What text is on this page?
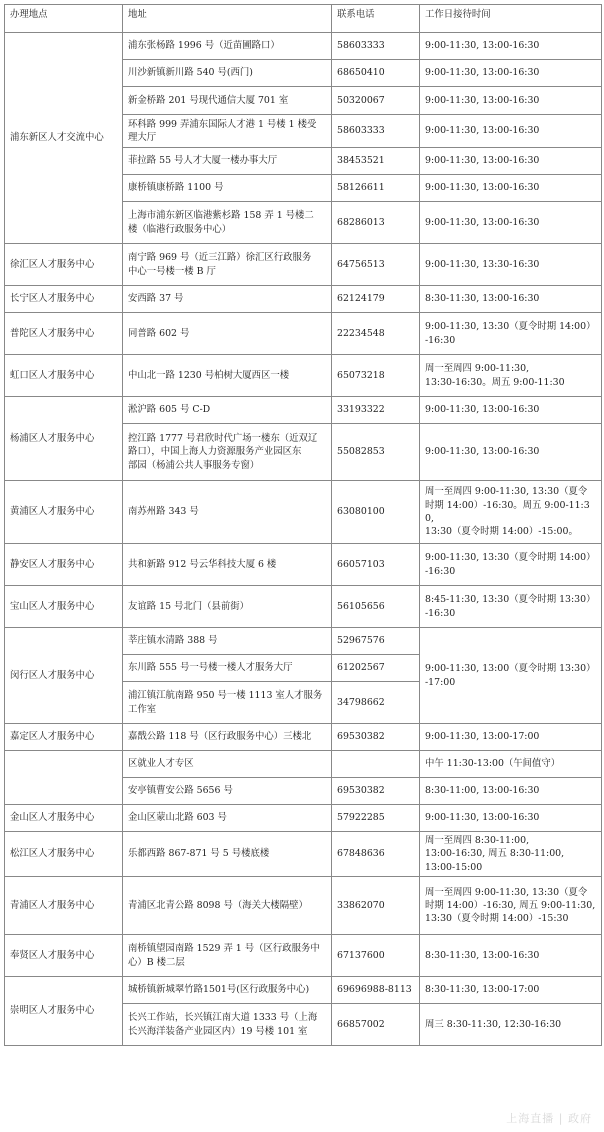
办理地点	地址	联系电话	工作日接待时间
浦东新区人才交流中心	浦东张杨路 1996 号（近苗圃路口）	58603333	9:00-11:30, 13:00-16:30
	川沙新镇新川路 540 号(西门)	68650410	9:00-11:30, 13:00-16:30
	新金桥路 201 号现代通信大厦 701 室	50320067	9:00-11:30, 13:00-16:30
	环科路 999 弄浦东国际人才港 1 号楼 1 楼受
理大厅	58603333	9:00-11:30, 13:00-16:30
	菲拉路 55 号人才大厦一楼办事大厅	38453521	9:00-11:30, 13:00-16:30
	康桥镇康桥路 1100 号	58126611	9:00-11:30, 13:00-16:30
	上海市浦东新区临港紫杉路 158 弄 1 号楼二
楼（临港行政服务中心）	68286013	9:00-11:30, 13:00-16:30
徐汇区人才服务中心	南宁路 969 号（近三江路）徐汇区行政服务
中心一号楼一楼 B 厅	64756513	9:00-11:30, 13:30-16:30
长宁区人才服务中心	安西路 37 号	62124179	8:30-11:30, 13:00-16:30
普陀区人才服务中心	同普路 602 号	22234548	9:00-11:30, 13:30（夏令时期 14:00）
-16:30
虹口区人才服务中心	中山北一路 1230 号柏树大厦西区一楼	65073218	周一至周四 9:00-11:30,
13:30-16:30。周五 9:00-11:30
杨浦区人才服务中心	淞沪路 605 号 C-D	33193322	9:00-11:30, 13:00-16:30
	控江路 1777 号君欣时代广场一楼东（近双辽
路口），中国上海人力资源服务产业园区东
部园（杨浦公共人事服务专窗）	55082853	9:00-11:30, 13:00-16:30
黄浦区人才服务中心	南苏州路 343 号	63080100	周一至周四 9:00-11:30, 13:30（夏令
时期 14:00）-16:30。周五 9:00-11:30,
13:30（夏令时期 14:00）-15:00。
静安区人才服务中心	共和新路 912 号云华科技大厦 6 楼	66057103	9:00-11:30, 13:30（夏令时期 14:00）
-16:30
宝山区人才服务中心	友谊路 15 号北门（县前街）	56105656	8:45-11:30, 13:30（夏令时期 13:30）
-16:30
闵行区人才服务中心	莘庄镇水清路 388 号	52967576	9:00-11:30, 13:00（夏令时期 13:30）
-17:00
	东川路 555 号一号楼一楼人才服务大厅	61202567	
	浦江镇江航南路 950 号一楼 1113 室人才服务
工作室	34798662	
嘉定区人才服务中心	嘉戬公路 118 号（区行政服务中心）三楼北	69530382	9:00-11:30, 13:00-17:00
	区就业人才专区		中午 11:30-13:00（午间值守）
	安亭镇曹安公路 5656 号	69530382	8:30-11:00, 13:00-16:30
金山区人才服务中心	金山区蒙山北路 603 号	57922285	9:00-11:30, 13:00-16:30
松江区人才服务中心	乐都西路 867-871 号 5 号楼底楼	67848636	周一至周四 8:30-11:00,
13:00-16:30, 周五 8:30-11:00,
13:00-15:00
青浦区人才服务中心	青浦区北青公路 8098 号（海关大楼隔壁）	33862070	周一至周四 9:00-11:30, 13:30（夏令
时期 14:00）-16:30, 周五 9:00-11:30,
13:30（夏令时期 14:00）-15:30
奉贤区人才服务中心	南桥镇望园南路 1529 弄 1 号（区行政服务中
心）B 楼二层	67137600	8:30-11:30, 13:00-16:30
崇明区人才服务中心	城桥镇新城翠竹路1501号(区行政服务中心)	69696988-8113	8:30-11:30, 13:00-17:00
	长兴工作站，长兴镇江南大道 1333 号（上海
长兴海洋装备产业园区内）19 号楼 101 室	66857002	周三 8:30-11:30, 12:30-16:30
上海直播 | 政府
